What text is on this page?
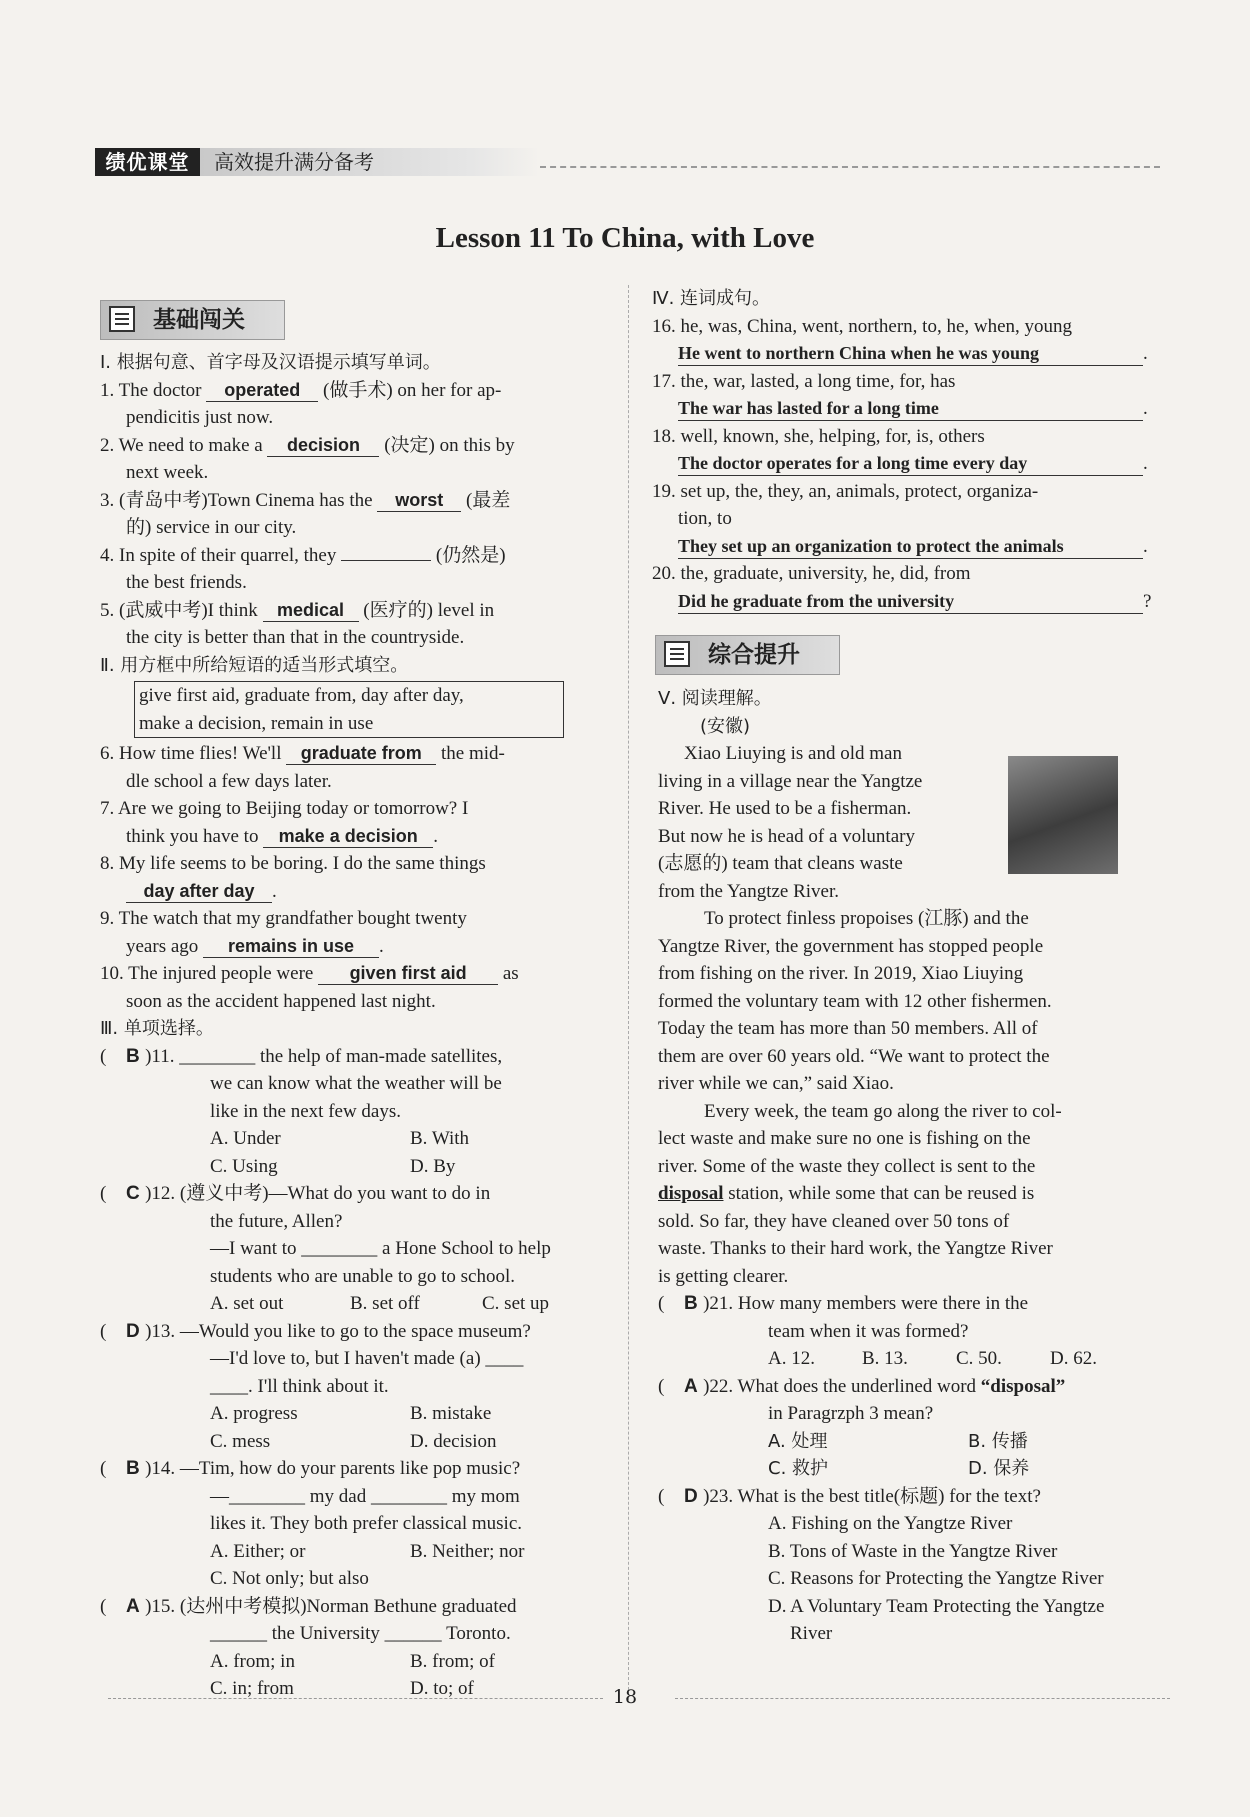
绩优课堂	高效提升满分备考
Lesson 11 To China, with Love
基础闯关
Ⅰ. 根据句意、首字母及汉语提示填写单词。
1. The doctor operated (做手术) on her for ap-
pendicitis just now.
2. We need to make a decision (决定) on this by
next week.
3. (青岛中考)Town Cinema has the worst (最差
的) service in our city.
4. In spite of their quarrel, they	(仍然是)
the best friends.
5. (武威中考)I think medical (医疗的) level in
the city is better than that in the countryside.
Ⅱ. 用方框中所给短语的适当形式填空。
give first aid, graduate from, day after day,
make a decision, remain in use
6. How time flies! We'll graduate from the mid-
dle school a few days later.
7. Are we going to Beijing today or tomorrow? I
think you have to make a decision .
8. My life seems to be boring. I do the same things
day after day .
9. The watch that my grandfather bought twenty
years ago remains in use .
10. The injured people were given first aid as
soon as the accident happened last night.
Ⅲ. 单项选择。
( B )11. ________ the help of man-made satellites,
we can know what the weather will be
like in the next few days.
A. Under	B. With
C. Using	D. By
( C )12. (遵义中考)—What do you want to do in
the future, Allen?
—I want to ________ a Hone School to help
students who are unable to go to school.
A. set out	B. set off	C. set up
( D )13. —Would you like to go to the space museum?
—I'd love to, but I haven't made (a) ____
____. I'll think about it.
A. progress	B. mistake
C. mess	D. decision
( B )14. —Tim, how do your parents like pop music?
—________ my dad ________ my mom
likes it. They both prefer classical music.
A. Either; or	B. Neither; nor
C. Not only; but also
( A )15. (达州中考模拟)Norman Bethune graduated
______ the University ______ Toronto.
A. from; in	B. from; of
C. in; from	D. to; of
Ⅳ. 连词成句。
16. he, was, China, went, northern, to, he, when, young
He went to northern China when he was young	.
17. the, war, lasted, a long time, for, has
The war has lasted for a long time	.
18. well, known, she, helping, for, is, others
The doctor operates for a long time every day	.
19. set up, the, they, an, animals, protect, organiza-
tion, to
They set up an organization to protect the animals	.
20. the, graduate, university, he, did, from
Did he graduate from the university	?
综合提升
Ⅴ. 阅读理解。
(安徽)
Xiao Liuying is and old man
living in a village near the Yangtze
River. He used to be a fisherman.
But now he is head of a voluntary
(志愿的) team that cleans waste
from the Yangtze River.
To protect finless propoises (江豚) and the
Yangtze River, the government has stopped people
from fishing on the river. In 2019, Xiao Liuying
formed the voluntary team with 12 other fishermen.
Today the team has more than 50 members. All of
them are over 60 years old. “We want to protect the
river while we can,” said Xiao.
Every week, the team go along the river to col-
lect waste and make sure no one is fishing on the
river. Some of the waste they collect is sent to the
disposal station, while some that can be reused is
sold. So far, they have cleaned over 50 tons of
waste. Thanks to their hard work, the Yangtze River
is getting clearer.
( B )21. How many members were there in the
team when it was formed?
A. 12.	B. 13.	C. 50.	D. 62.
( A )22. What does the underlined word “disposal”
in Paragrzph 3 mean?
A. 处理	B. 传播
C. 救护	D. 保养
( D )23. What is the best title(标题) for the text?
A. Fishing on the Yangtze River
B. Tons of Waste in the Yangtze River
C. Reasons for Protecting the Yangtze River
D. A Voluntary Team Protecting the Yangtze
River
18
